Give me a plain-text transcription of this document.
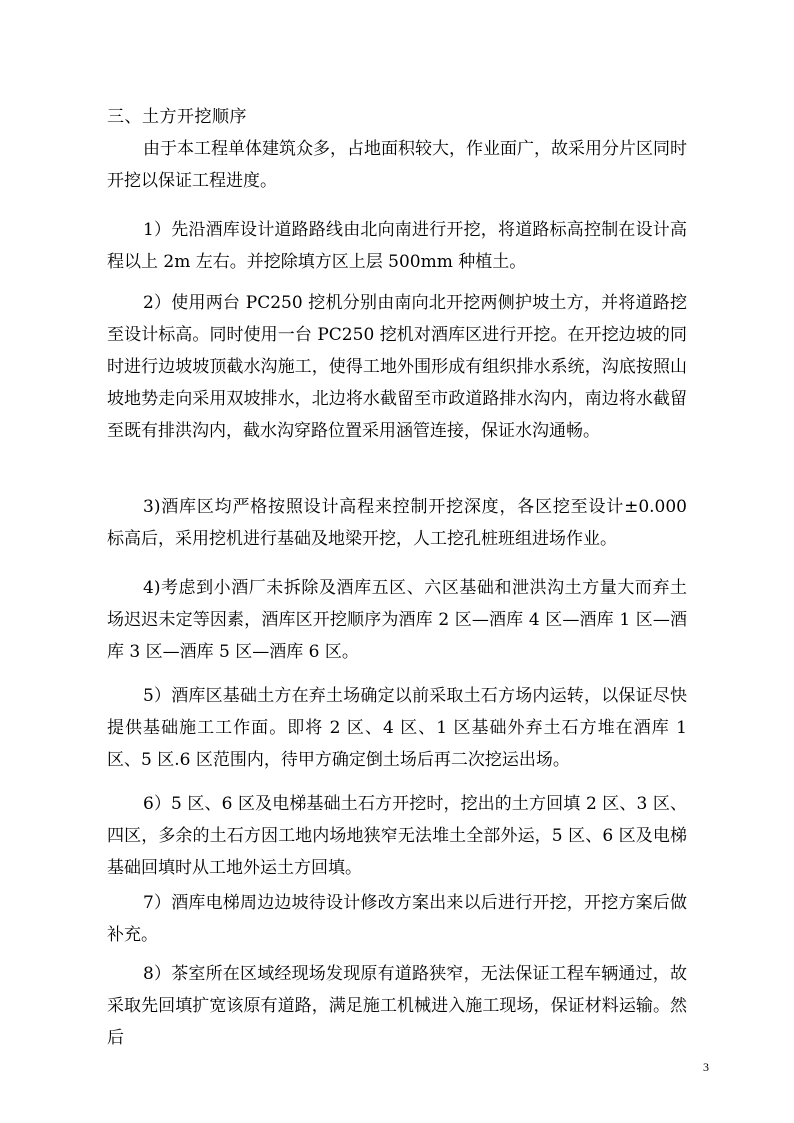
三、土方开挖顺序

由于本工程单体建筑众多，占地面积较大，作业面广，故采用分片区同时开挖以保证工程进度。

1）先沿酒库设计道路路线由北向南进行开挖，将道路标高控制在设计高程以上 2m 左右。并挖除填方区上层 500mm 种植土。

2）使用两台 PC250 挖机分别由南向北开挖两侧护坡土方，并将道路挖至设计标高。同时使用一台 PC250 挖机对酒库区进行开挖。在开挖边坡的同时进行边坡坡顶截水沟施工，使得工地外围形成有组织排水系统，沟底按照山坡地势走向采用双坡排水，北边将水截留至市政道路排水沟内，南边将水截留至既有排洪沟内，截水沟穿路位置采用涵管连接，保证水沟通畅。

3)酒库区均严格按照设计高程来控制开挖深度，各区挖至设计±0.000 标高后，采用挖机进行基础及地梁开挖，人工挖孔桩班组进场作业。

4)考虑到小酒厂未拆除及酒库五区、六区基础和泄洪沟土方量大而弃土场迟迟未定等因素，酒库区开挖顺序为酒库 2 区—酒库 4 区—酒库 1 区—酒库 3 区—酒库 5 区—酒库 6 区。

5）酒库区基础土方在弃土场确定以前采取土石方场内运转，以保证尽快提供基础施工工作面。即将 2 区、4 区、1 区基础外弃土石方堆在酒库 1 区、5 区.6 区范围内，待甲方确定倒土场后再二次挖运出场。

6）5 区、6 区及电梯基础土石方开挖时，挖出的土方回填 2 区、3 区、四区，多余的土石方因工地内场地狭窄无法堆土全部外运，5 区、6 区及电梯基础回填时从工地外运土方回填。

7）酒库电梯周边边坡待设计修改方案出来以后进行开挖，开挖方案后做补充。

8）茶室所在区域经现场发现原有道路狭窄，无法保证工程车辆通过，故采取先回填扩宽该原有道路，满足施工机械进入施工现场，保证材料运输。然后

3
